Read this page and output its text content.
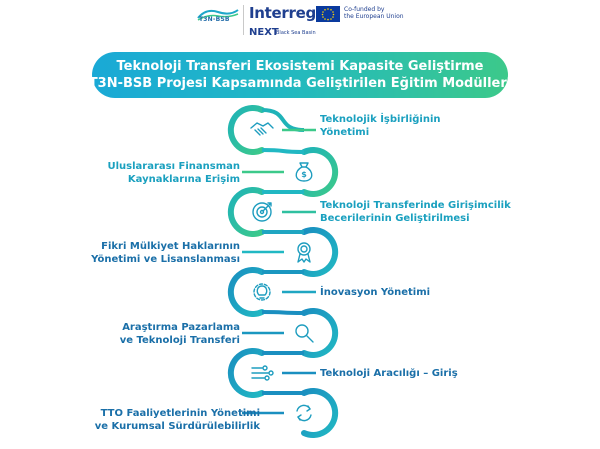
T3N-BSB Interreg
NEXT
Black Sea Basin
Co-funded by
the European Union
Teknoloji Transferi Ekosistemi Kapasite Geliştirme
T3N-BSB Projesi Kapsamında Geliştirilen Eğitim Modülleri
$
Teknolojik İşbirliğinin
Yönetimi
Uluslararası Finansman
Kaynaklarına Erişim
Teknoloji Transferinde Girişimcilik
Becerilerinin Geliştirilmesi
Fikri Mülkiyet Haklarının
Yönetimi ve Lisanslanması
İnovasyon Yönetimi
Araştırma Pazarlama
ve Teknoloji Transferi
Teknoloji Aracılığı – Giriş
TTO Faaliyetlerinin Yönetimi
ve Kurumsal Sürdürülebilirlik
